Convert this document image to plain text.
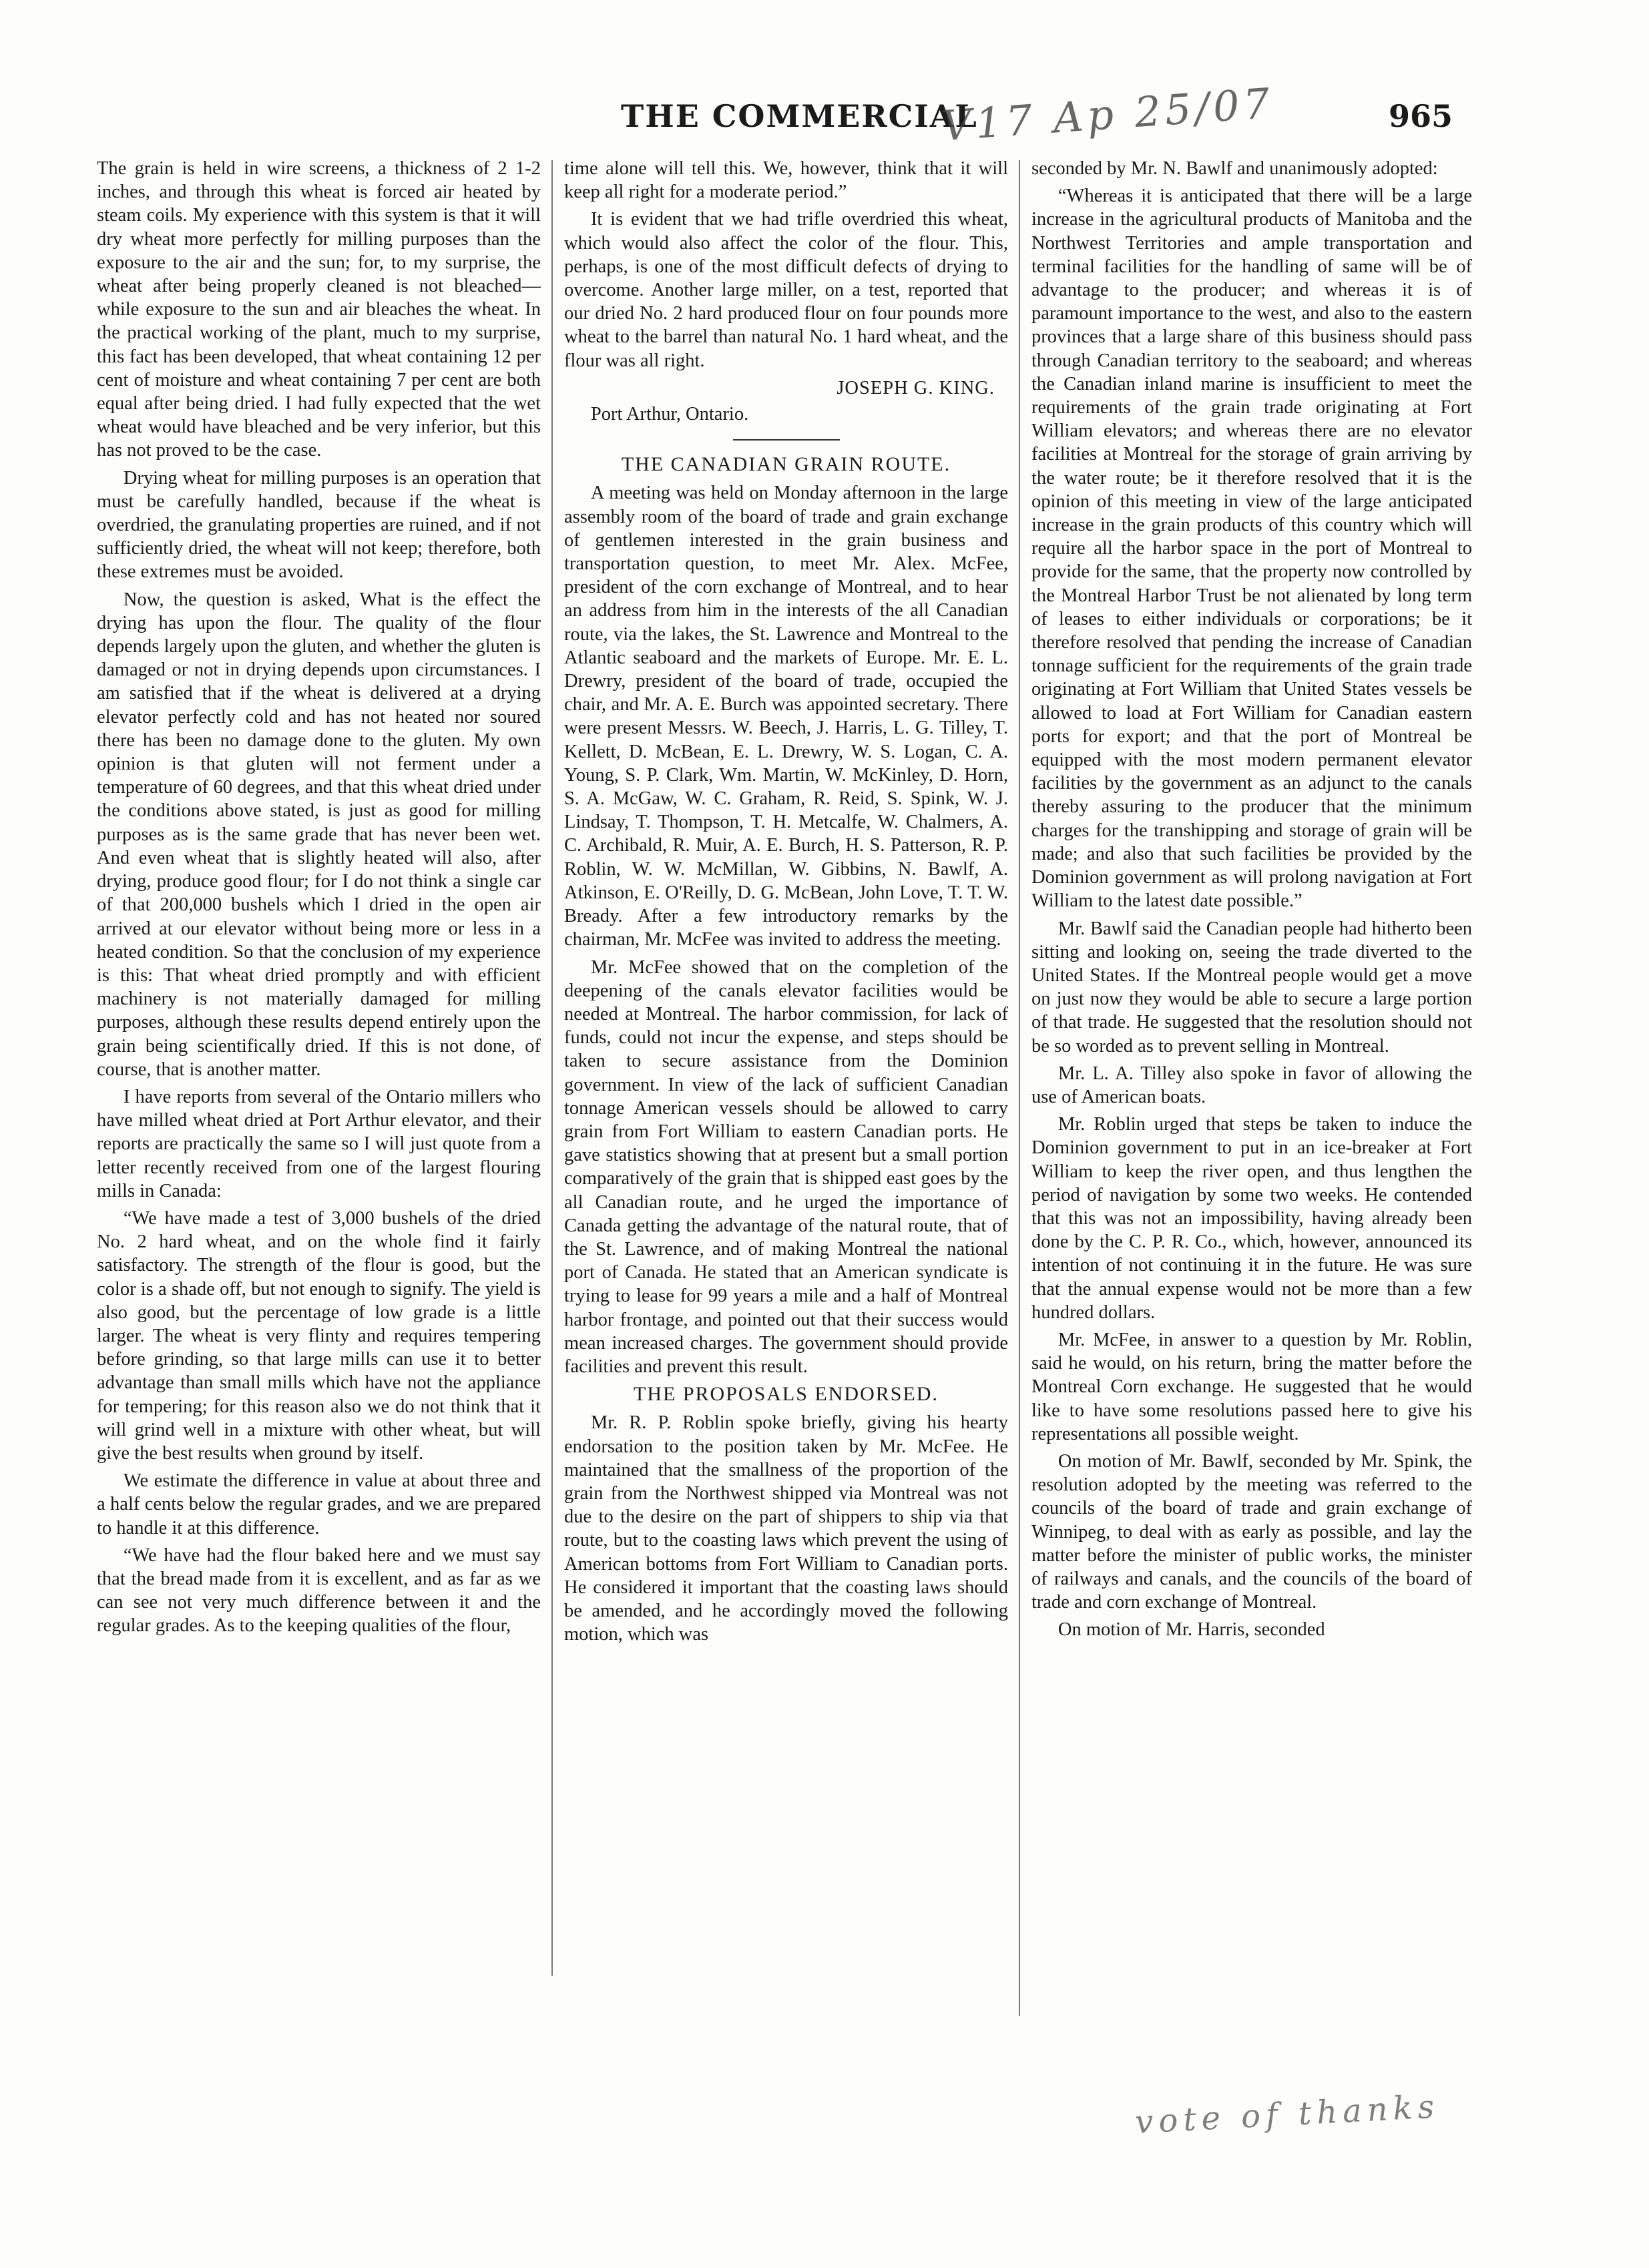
THE COMMERCIAL
V17 Ap 25/07	965

The grain is held in wire screens, a thickness of 2 1-2 inches, and through this wheat is forced air heated by steam coils. My experience with this system is that it will dry wheat more perfectly for milling purposes than the exposure to the air and the sun; for, to my surprise, the wheat after being properly cleaned is not bleached—while exposure to the sun and air bleaches the wheat. In the practical working of the plant, much to my surprise, this fact has been developed, that wheat containing 12 per cent of moisture and wheat containing 7 per cent are both equal after being dried. I had fully expected that the wet wheat would have bleached and be very inferior, but this has not proved to be the case.

Drying wheat for milling purposes is an operation that must be carefully handled, because if the wheat is overdried, the granulating properties are ruined, and if not sufficiently dried, the wheat will not keep; therefore, both these extremes must be avoided.

Now, the question is asked, What is the effect the drying has upon the flour. The quality of the flour depends largely upon the gluten, and whether the gluten is damaged or not in drying depends upon circumstances. I am satisfied that if the wheat is delivered at a drying elevator perfectly cold and has not heated nor soured there has been no damage done to the gluten. My own opinion is that gluten will not ferment under a temperature of 60 degrees, and that this wheat dried under the conditions above stated, is just as good for milling purposes as is the same grade that has never been wet. And even wheat that is slightly heated will also, after drying, produce good flour; for I do not think a single car of that 200,000 bushels which I dried in the open air arrived at our elevator without being more or less in a heated condition. So that the conclusion of my experience is this: That wheat dried promptly and with efficient machinery is not materially damaged for milling purposes, although these results depend entirely upon the grain being scientifically dried. If this is not done, of course, that is another matter.

I have reports from several of the Ontario millers who have milled wheat dried at Port Arthur elevator, and their reports are practically the same so I will just quote from a letter recently received from one of the largest flouring mills in Canada:

“We have made a test of 3,000 bushels of the dried No. 2 hard wheat, and on the whole find it fairly satisfactory. The strength of the flour is good, but the color is a shade off, but not enough to signify. The yield is also good, but the percentage of low grade is a little larger. The wheat is very flinty and requires tempering before grinding, so that large mills can use it to better advantage than small mills which have not the appliance for tempering; for this reason also we do not think that it will grind well in a mixture with other wheat, but will give the best results when ground by itself.

We estimate the difference in value at about three and a half cents below the regular grades, and we are prepared to handle it at this difference.

“We have had the flour baked here and we must say that the bread made from it is excellent, and as far as we can see not very much difference between it and the regular grades. As to the keeping qualities of the flour,

time alone will tell this. We, however, think that it will keep all right for a moderate period.”

It is evident that we had trifle overdried this wheat, which would also affect the color of the flour. This, perhaps, is one of the most difficult defects of drying to overcome. Another large miller, on a test, reported that our dried No. 2 hard produced flour on four pounds more wheat to the barrel than natural No. 1 hard wheat, and the flour was all right.

JOSEPH G. KING.
Port Arthur, Ontario.
THE CANADIAN GRAIN ROUTE.

A meeting was held on Monday afternoon in the large assembly room of the board of trade and grain exchange of gentlemen interested in the grain business and transportation question, to meet Mr. Alex. McFee, president of the corn exchange of Montreal, and to hear an address from him in the interests of the all Canadian route, via the lakes, the St. Lawrence and Montreal to the Atlantic seaboard and the markets of Europe. Mr. E. L. Drewry, president of the board of trade, occupied the chair, and Mr. A. E. Burch was appointed secretary. There were present Messrs. W. Beech, J. Harris, L. G. Tilley, T. Kellett, D. McBean, E. L. Drewry, W. S. Logan, C. A. Young, S. P. Clark, Wm. Martin, W. McKinley, D. Horn, S. A. McGaw, W. C. Graham, R. Reid, S. Spink, W. J. Lindsay, T. Thompson, T. H. Metcalfe, W. Chalmers, A. C. Archibald, R. Muir, A. E. Burch, H. S. Patterson, R. P. Roblin, W. W. McMillan, W. Gibbins, N. Bawlf, A. Atkinson, E. O'Reilly, D. G. McBean, John Love, T. T. W. Bready. After a few introductory remarks by the chairman, Mr. McFee was invited to address the meeting.

Mr. McFee showed that on the completion of the deepening of the canals elevator facilities would be needed at Montreal. The harbor commission, for lack of funds, could not incur the expense, and steps should be taken to secure assistance from the Dominion government. In view of the lack of sufficient Canadian tonnage American vessels should be allowed to carry grain from Fort William to eastern Canadian ports. He gave statistics showing that at present but a small portion comparatively of the grain that is shipped east goes by the all Canadian route, and he urged the importance of Canada getting the advantage of the natural route, that of the St. Lawrence, and of making Montreal the national port of Canada. He stated that an American syndicate is trying to lease for 99 years a mile and a half of Montreal harbor frontage, and pointed out that their success would mean increased charges. The government should provide facilities and prevent this result.

THE PROPOSALS ENDORSED.

Mr. R. P. Roblin spoke briefly, giving his hearty endorsation to the position taken by Mr. McFee. He maintained that the smallness of the proportion of the grain from the Northwest shipped via Montreal was not due to the desire on the part of shippers to ship via that route, but to the coasting laws which prevent the using of American bottoms from Fort William to Canadian ports. He considered it important that the coasting laws should be amended, and he accordingly moved the following motion, which was

seconded by Mr. N. Bawlf and unanimously adopted:

“Whereas it is anticipated that there will be a large increase in the agricultural products of Manitoba and the Northwest Territories and ample transportation and terminal facilities for the handling of same will be of advantage to the producer; and whereas it is of paramount importance to the west, and also to the eastern provinces that a large share of this business should pass through Canadian territory to the seaboard; and whereas the Canadian inland marine is insufficient to meet the requirements of the grain trade originating at Fort William elevators; and whereas there are no elevator facilities at Montreal for the storage of grain arriving by the water route; be it therefore resolved that it is the opinion of this meeting in view of the large anticipated increase in the grain products of this country which will require all the harbor space in the port of Montreal to provide for the same, that the property now controlled by the Montreal Harbor Trust be not alienated by long term of leases to either individuals or corporations; be it therefore resolved that pending the increase of Canadian tonnage sufficient for the requirements of the grain trade originating at Fort William that United States vessels be allowed to load at Fort William for Canadian eastern ports for export; and that the port of Montreal be equipped with the most modern permanent elevator facilities by the government as an adjunct to the canals thereby assuring to the producer that the minimum charges for the transhipping and storage of grain will be made; and also that such facilities be provided by the Dominion government as will prolong navigation at Fort William to the latest date possible.”

Mr. Bawlf said the Canadian people had hitherto been sitting and looking on, seeing the trade diverted to the United States. If the Montreal people would get a move on just now they would be able to secure a large portion of that trade. He suggested that the resolution should not be so worded as to prevent selling in Montreal.

Mr. L. A. Tilley also spoke in favor of allowing the use of American boats.

Mr. Roblin urged that steps be taken to induce the Dominion government to put in an ice-breaker at Fort William to keep the river open, and thus lengthen the period of navigation by some two weeks. He contended that this was not an impossibility, having already been done by the C. P. R. Co., which, however, announced its intention of not continuing it in the future. He was sure that the annual expense would not be more than a few hundred dollars.

Mr. McFee, in answer to a question by Mr. Roblin, said he would, on his return, bring the matter before the Montreal Corn exchange. He suggested that he would like to have some resolutions passed here to give his representations all possible weight.

On motion of Mr. Bawlf, seconded by Mr. Spink, the resolution adopted by the meeting was referred to the councils of the board of trade and grain exchange of Winnipeg, to deal with as early as possible, and lay the matter before the minister of public works, the minister of railways and canals, and the councils of the board of trade and corn exchange of Montreal.

On motion of Mr. Harris, seconded

vote of thanks
